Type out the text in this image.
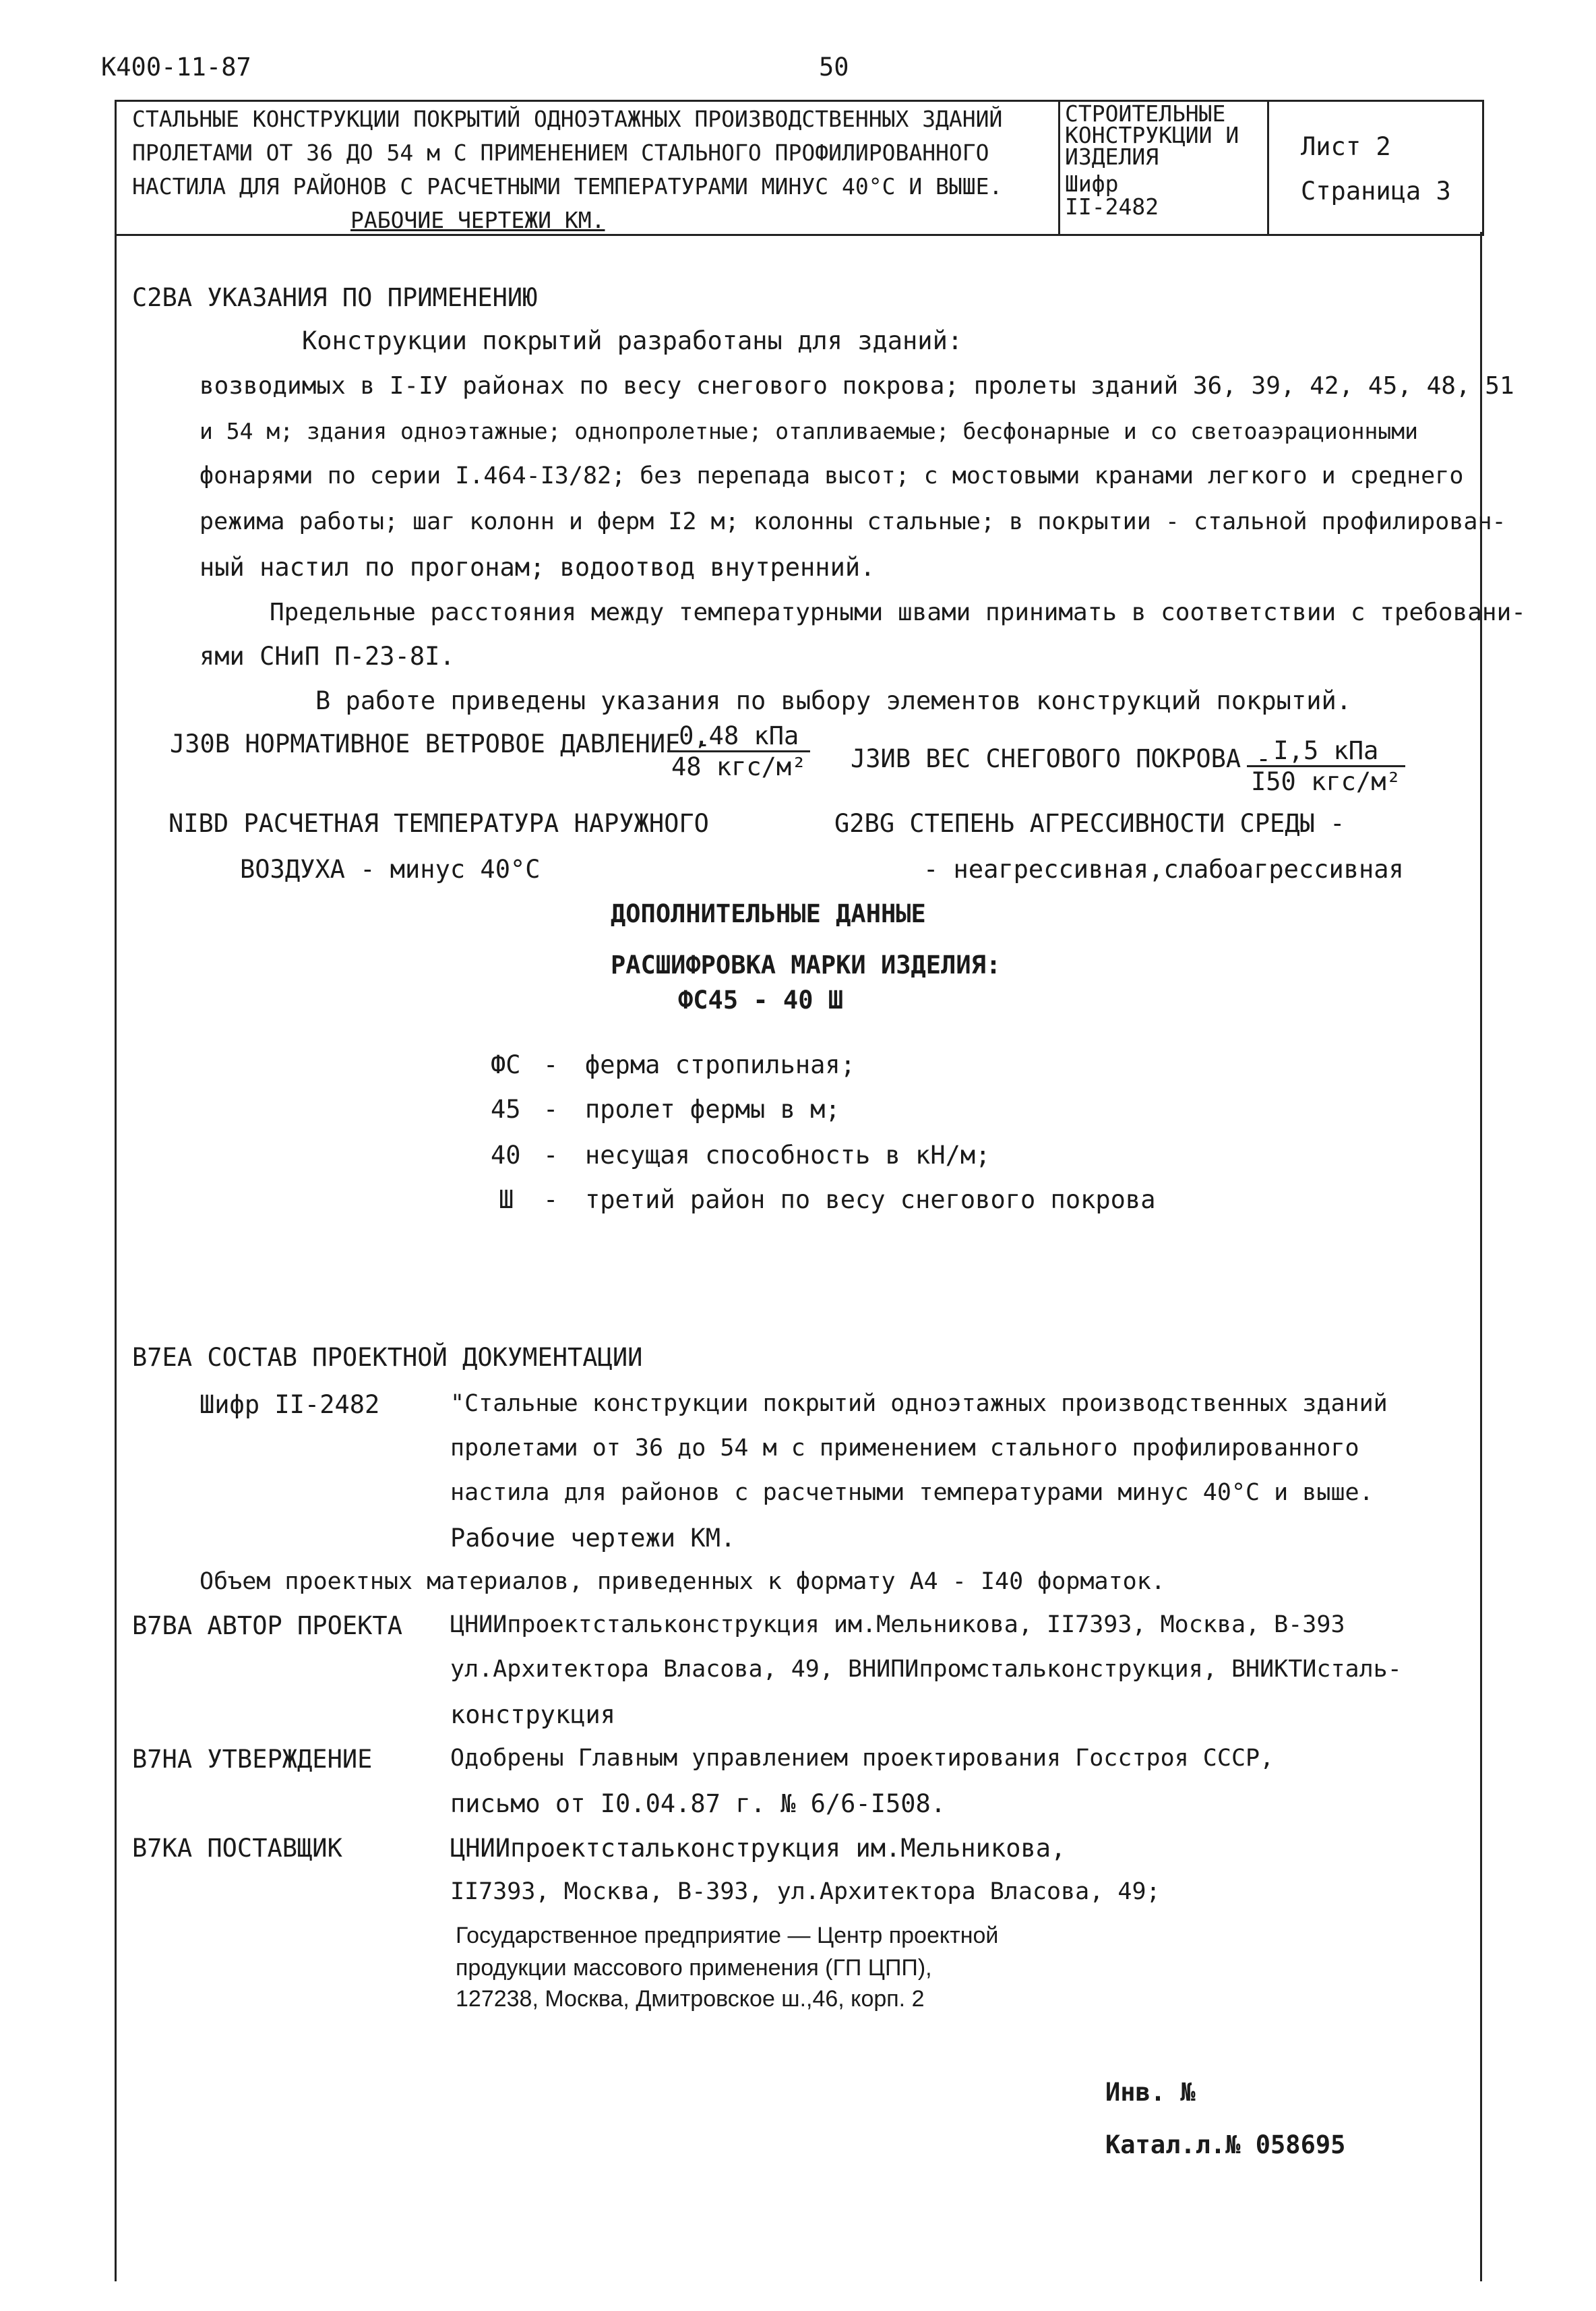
К400-11-87	50
СТАЛЬНЫЕ КОНСТРУКЦИИ ПОКРЫТИЙ ОДНОЭТАЖНЫХ ПРОИЗВОДСТВЕННЫХ ЗДАНИЙ
ПРОЛЕТАМИ ОТ 36 ДО 54 м С ПРИМЕНЕНИЕМ СТАЛЬНОГО ПРОФИЛИРОВАННОГО
НАСТИЛА ДЛЯ РАЙОНОВ С РАСЧЕТНЫМИ ТЕМПЕРАТУРАМИ МИНУС 40°С И ВЫШЕ.
РАБОЧИЕ ЧЕРТЕЖИ КМ.
СТРОИТЕЛЬНЫЕ
КОНСТРУКЦИИ И
ИЗДЕЛИЯ
Шифр
II-2482
Лист 2
Страница 3
С2ВА УКАЗАНИЯ ПО ПРИМЕНЕНИЮ
Конструкции покрытий разработаны для зданий:
возводимых в I-IУ районах по весу снегового покрова; пролеты зданий 36, 39, 42, 45, 48, 51
и 54 м; здания одноэтажные; однопролетные; отапливаемые; бесфонарные и со светоаэрационными
фонарями по серии I.464-I3/82; без перепада высот; с мостовыми кранами легкого и среднего
режима работы; шаг колонн и ферм I2 м; колонны стальные; в покрытии - стальной профилирован-
ный настил по прогонам; водоотвод внутренний.
Предельные расстояния между температурными швами принимать в соответствии с требовани-
ями СНиП П-23-8I.
В работе приведены указания по выбору элементов конструкций покрытий.
J30В НОРМАТИВНОЕ ВЕТРОВОЕ ДАВЛЕНИЕ -
0,48 кПа
48 кгс/м² J3ИВ ВЕС СНЕГОВОГО ПОКРОВА - I,5 кПа
I50 кгс/м²
NIBD РАСЧЕТНАЯ ТЕМПЕРАТУРА НАРУЖНОГО
ВОЗДУХА - минус 40°С
G2BG СТЕПЕНЬ АГРЕССИВНОСТИ СРЕДЫ -
- неагрессивная,слабоагрессивная
ДОПОЛНИТЕЛЬНЫЕ ДАННЫЕ
РАСШИФРОВКА МАРКИ ИЗДЕЛИЯ:
ФС45 - 40 Ш
ФС - ферма стропильная;
45 - пролет фермы в м;
40 - несущая способность в кН/м;
Ш - третий район по весу снегового покрова
В7ЕА СОСТАВ ПРОЕКТНОЙ ДОКУМЕНТАЦИИ
Шифр II-2482	"Стальные конструкции покрытий одноэтажных производственных зданий
пролетами от 36 до 54 м с применением стального профилированного
настила для районов с расчетными температурами минус 40°С и выше.
Рабочие чертежи КМ.
Объем проектных материалов, приведенных к формату А4 - I40 форматок.
В7ВА АВТОР ПРОЕКТА ЦНИИпроектстальконструкция им.Мельникова, II7393, Москва, В-393
ул.Архитектора Власова, 49, ВНИПИпромстальконструкция, ВНИКТИсталь-
конструкция
В7НА УТВЕРЖДЕНИЕ	Одобрены Главным управлением проектирования Госстроя СССР,
письмо от I0.04.87 г. № 6/6-I508.
В7КА ПОСТАВЩИК	ЦНИИпроектстальконструкция им.Мельникова,
II7393, Москва, В-393, ул.Архитектора Власова, 49;
Государственное предприятие — Центр проектной
продукции массового применения (ГП ЦПП),
127238, Москва, Дмитровское ш.,46, корп. 2
Инв. №
Катал.л.№ 058695
